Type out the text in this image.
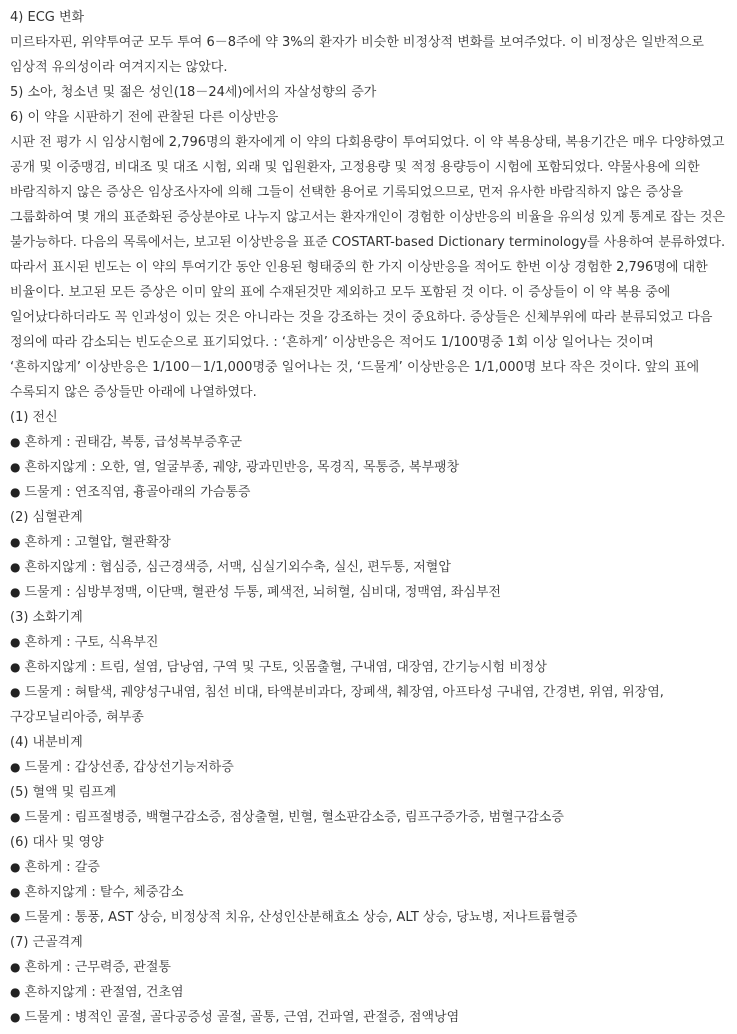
4) ECG 변화

미르타자핀, 위약투여군 모두 투여 6－8주에 약 3%의 환자가 비슷한 비정상적 변화를 보여주었다. 이 비정상은 일반적으로 임상적 유의성이라 여겨지지는 않았다.

5) 소아, 청소년 및 젊은 성인(18－24세)에서의 자살성향의 증가

6) 이 약을 시판하기 전에 관찰된 다른 이상반응

시판 전 평가 시 임상시험에 2,796명의 환자에게 이 약의 다회용량이 투여되었다. 이 약 복용상태, 복용기간은 매우 다양하였고 공개 및 이중맹검, 비대조 및 대조 시험, 외래 및 입원환자, 고정용량 및 적정 용량등이 시험에 포함되었다. 약물사용에 의한 바람직하지 않은 증상은 임상조사자에 의해 그들이 선택한 용어로 기록되었으므로, 먼저 유사한 바람직하지 않은 증상을 그룹화하여 몇 개의 표준화된 증상분야로 나누지 않고서는 환자개인이 경험한 이상반응의 비율을 유의성 있게 통계로 잡는 것은 불가능하다. 다음의 목록에서는, 보고된 이상반응을 표준 COSTART-based Dictionary terminology를 사용하여 분류하였다. 따라서 표시된 빈도는 이 약의 투여기간 동안 인용된 형태중의 한 가지 이상반응을 적어도 한번 이상 경험한 2,796명에 대한 비율이다. 보고된 모든 증상은 이미 앞의 표에 수재된것만 제외하고 모두 포함된 것 이다. 이 증상들이 이 약 복용 중에 일어났다하더라도 꼭 인과성이 있는 것은 아니라는 것을 강조하는 것이 중요하다. 증상들은 신체부위에 따라 분류되었고 다음 정의에 따라 감소되는 빈도순으로 표기되었다. : ‘흔하게’ 이상반응은 적어도 1/100명중 1회 이상 일어나는 것이며 ‘흔하지않게’ 이상반응은 1/100－1/1,000명중 일어나는 것, ‘드물게’ 이상반응은 1/1,000명 보다 작은 것이다. 앞의 표에 수록되지 않은 증상들만 아래에 나열하였다.

(1) 전신

● 흔하게 : 권태감, 복통, 급성복부증후군

● 흔하지않게 : 오한, 열, 얼굴부종, 궤양, 광과민반응, 목경직, 목통증, 복부팽창

● 드물게 : 연조직염, 흉골아래의 가슴통증

(2) 심혈관계

● 흔하게 : 고혈압, 혈관확장

● 흔하지않게 : 협심증, 심근경색증, 서맥, 심실기외수축, 실신, 편두통, 저혈압

● 드물게 : 심방부정맥, 이단맥, 혈관성 두통, 폐색전, 뇌허혈, 심비대, 정맥염, 좌심부전

(3) 소화기계

● 흔하게 : 구토, 식욕부진

● 흔하지않게 : 트림, 설염, 담낭염, 구역 및 구토, 잇몸출혈, 구내염, 대장염, 간기능시험 비정상

● 드물게 : 혀탈색, 궤양성구내염, 침선 비대, 타액분비과다, 장폐색, 췌장염, 아프타성 구내염, 간경변, 위염, 위장염, 구강모닐리아증, 혀부종

(4) 내분비계

● 드물게 : 갑상선종, 갑상선기능저하증

(5) 혈액 및 림프계

● 드물게 : 림프절병증, 백혈구감소증, 점상출혈, 빈혈, 혈소판감소증, 림프구증가증, 범혈구감소증

(6) 대사 및 영양

● 흔하게 : 갈증

● 흔하지않게 : 탈수, 체중감소

● 드물게 : 통풍, AST 상승, 비정상적 치유, 산성인산분해효소 상승, ALT 상승, 당뇨병, 저나트륨혈증

(7) 근골격계

● 흔하게 : 근무력증, 관절통

● 흔하지않게 : 관절염, 건초염

● 드물게 : 병적인 골절, 골다공증성 골절, 골통, 근염, 건파열, 관절증, 점액낭염
